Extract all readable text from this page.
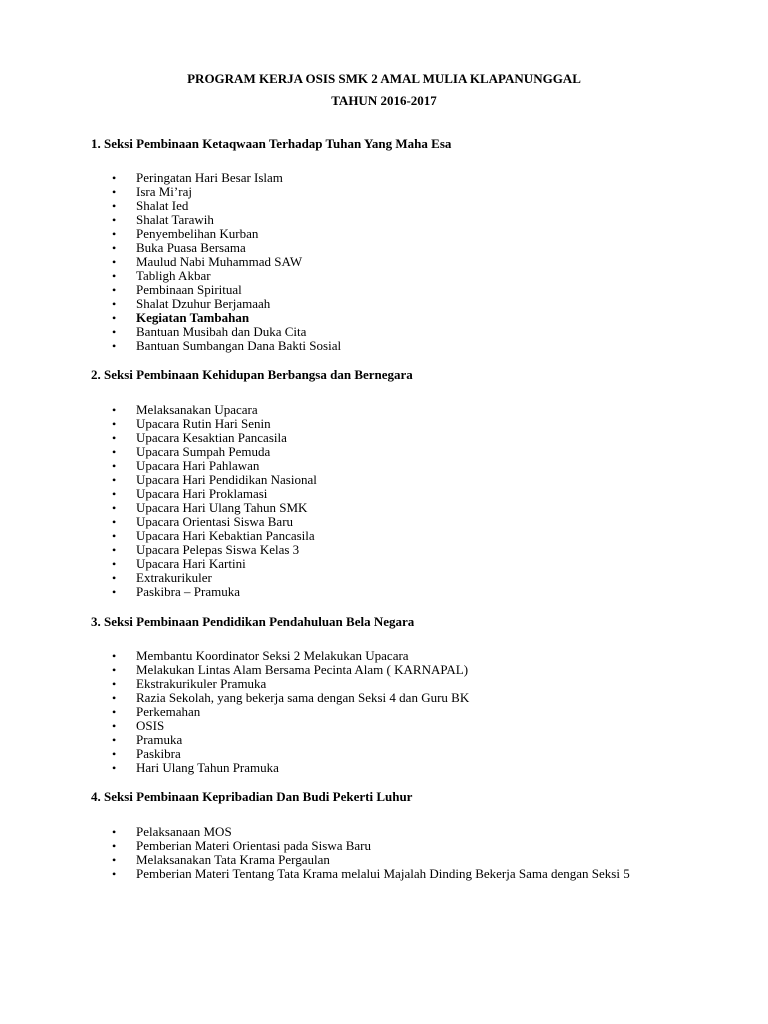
PROGRAM KERJA OSIS SMK 2 AMAL MULIA KLAPANUNGGAL
TAHUN 2016-2017
1. Seksi Pembinaan Ketaqwaan Terhadap Tuhan Yang Maha Esa
• Peringatan Hari Besar Islam
• Isra Mi’raj
• Shalat Ied
• Shalat Tarawih
• Penyembelihan Kurban
• Buka Puasa Bersama
• Maulud Nabi Muhammad SAW
• Tabligh Akbar
• Pembinaan Spiritual
• Shalat Dzuhur Berjamaah
• Kegiatan Tambahan
• Bantuan Musibah dan Duka Cita
• Bantuan Sumbangan Dana Bakti Sosial
2. Seksi Pembinaan Kehidupan Berbangsa dan Bernegara
• Melaksanakan Upacara
• Upacara Rutin Hari Senin
• Upacara Kesaktian Pancasila
• Upacara Sumpah Pemuda
• Upacara Hari Pahlawan
• Upacara Hari Pendidikan Nasional
• Upacara Hari Proklamasi
• Upacara Hari Ulang Tahun SMK
• Upacara Orientasi Siswa Baru
• Upacara Hari Kebaktian Pancasila
• Upacara Pelepas Siswa Kelas 3
• Upacara Hari Kartini
• Extrakurikuler
• Paskibra – Pramuka
3. Seksi Pembinaan Pendidikan Pendahuluan Bela Negara
• Membantu Koordinator Seksi 2 Melakukan Upacara
• Melakukan Lintas Alam Bersama Pecinta Alam ( KARNAPAL)
• Ekstrakurikuler Pramuka
• Razia Sekolah, yang bekerja sama dengan Seksi 4 dan Guru BK
• Perkemahan
• OSIS
• Pramuka
• Paskibra
• Hari Ulang Tahun Pramuka
4. Seksi Pembinaan Kepribadian Dan Budi Pekerti Luhur
• Pelaksanaan MOS
• Pemberian Materi Orientasi pada Siswa Baru
• Melaksanakan Tata Krama Pergaulan
• Pemberian Materi Tentang Tata Krama melalui Majalah Dinding Bekerja Sama dengan Seksi 5
